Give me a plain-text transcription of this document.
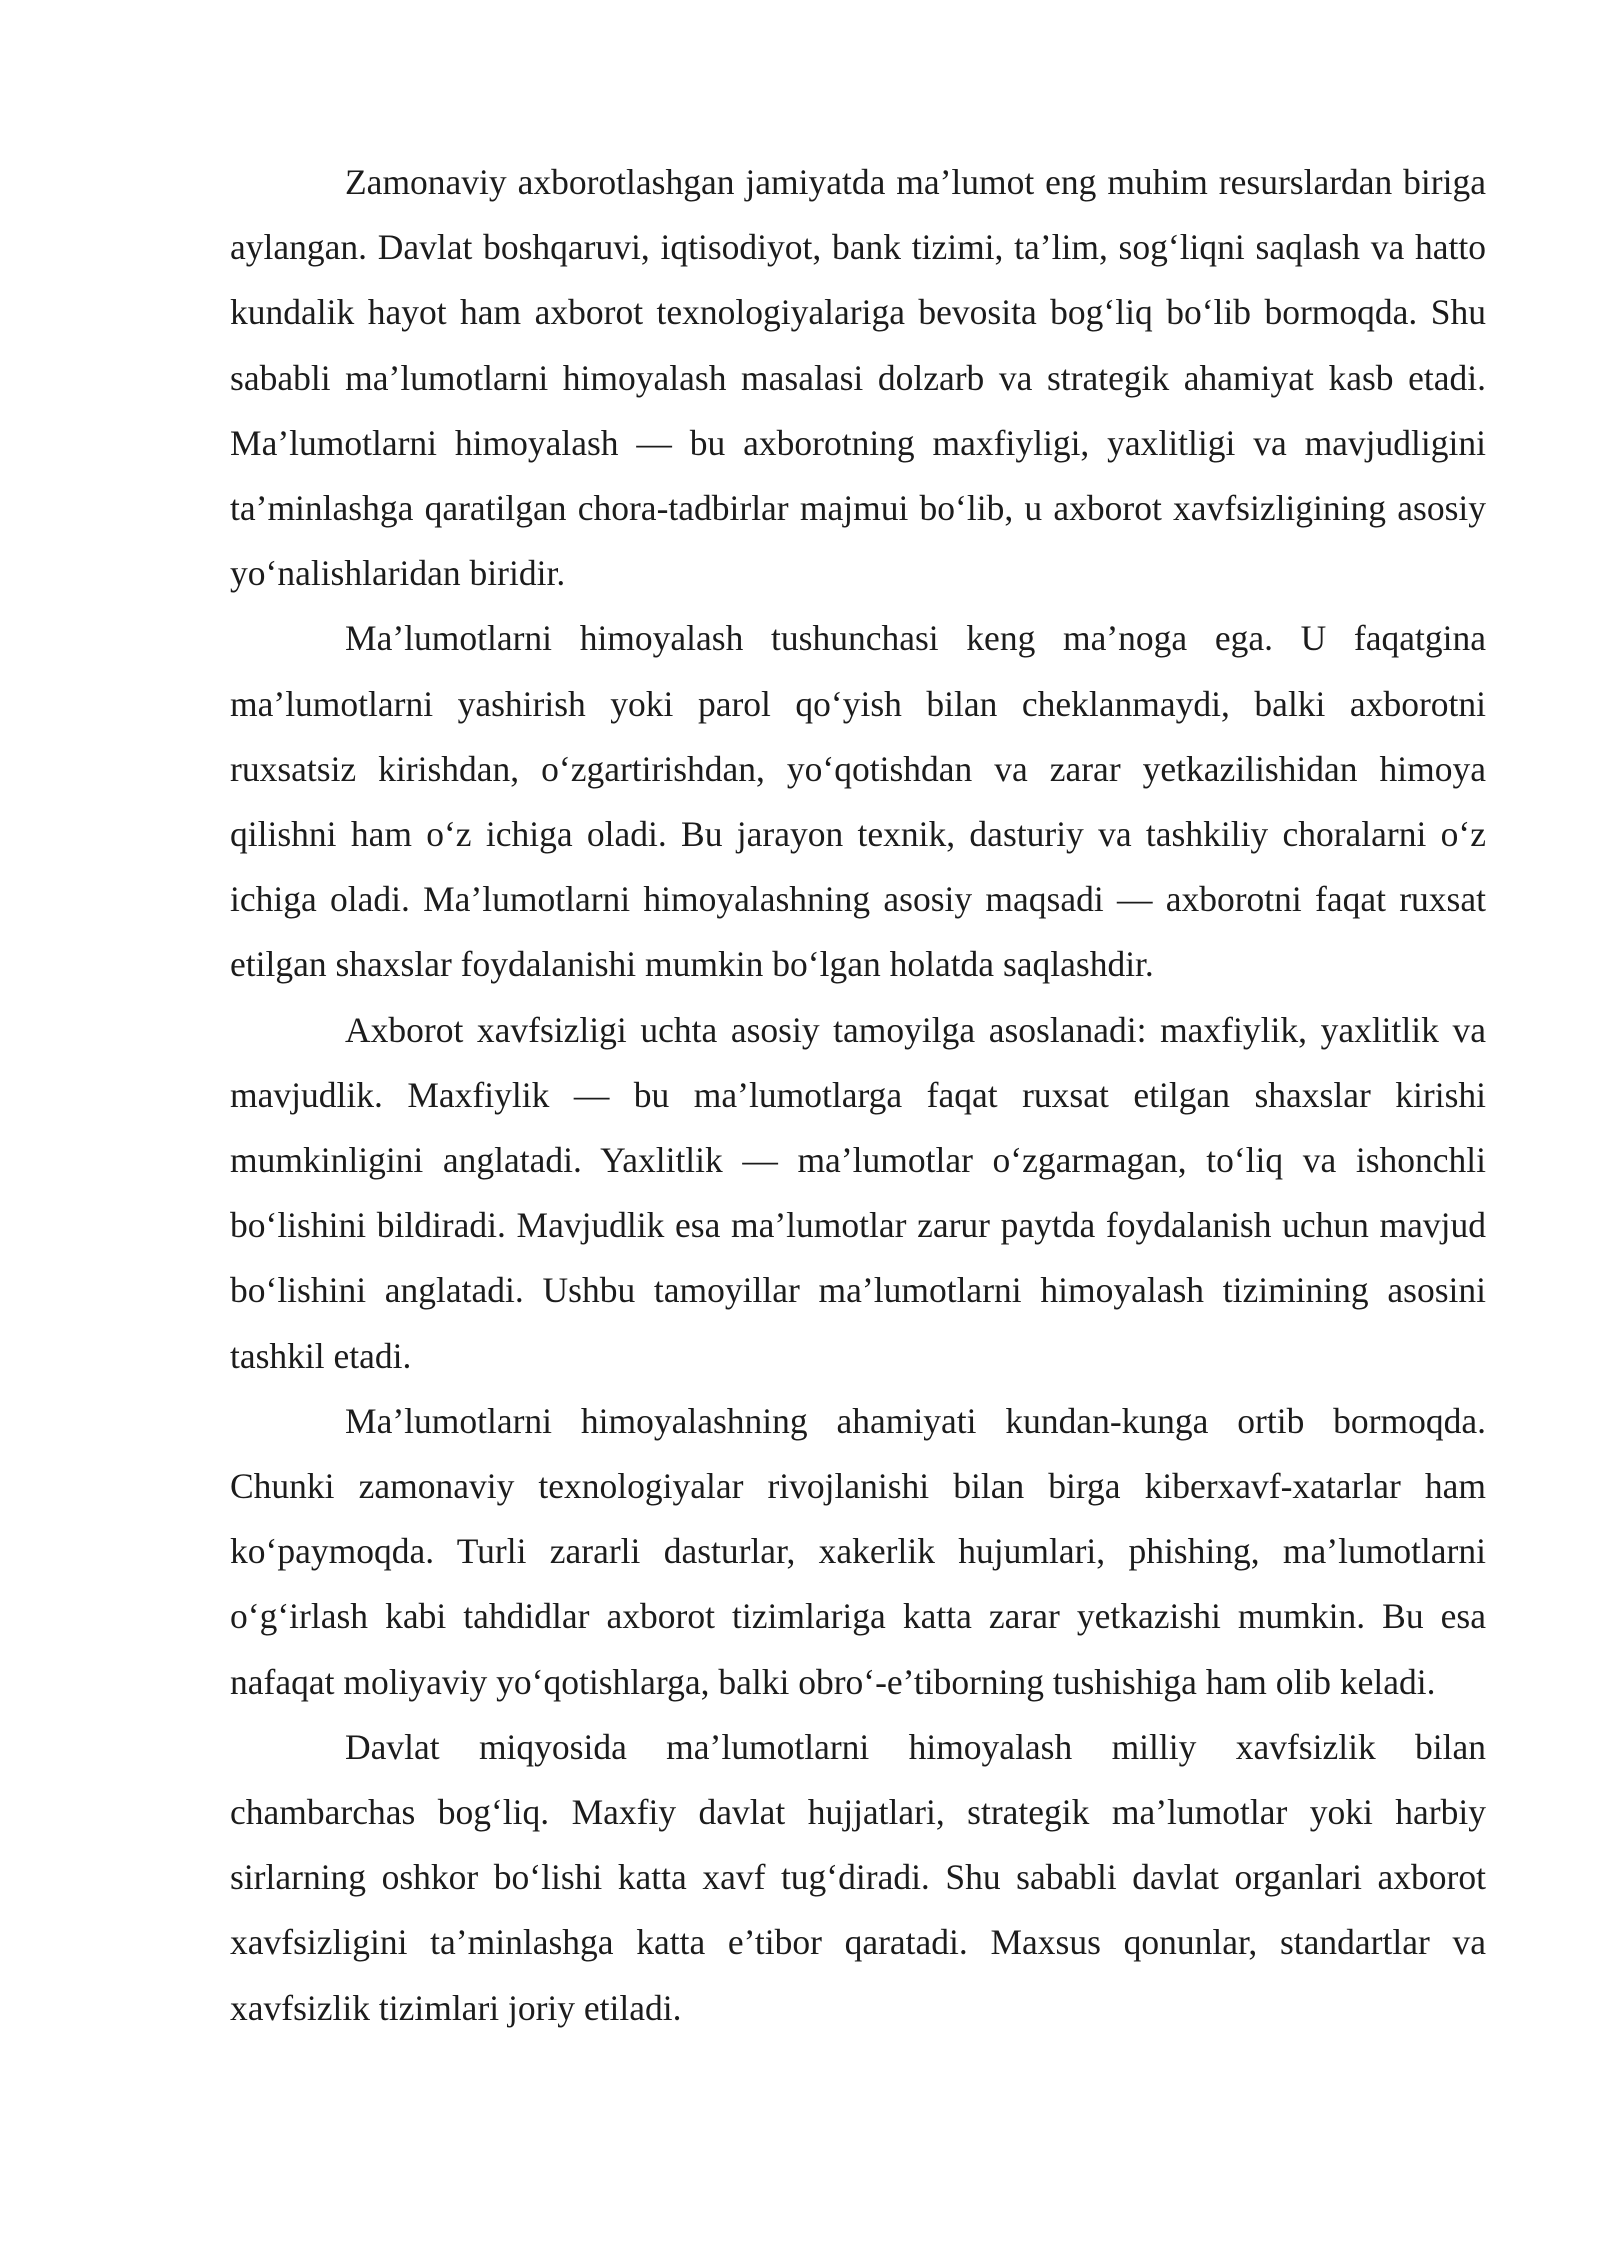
Zamonaviy axborotlashgan jamiyatda ma’lumot eng muhim resurslardan biriga aylangan. Davlat boshqaruvi, iqtisodiyot, bank tizimi, ta’lim, sog‘liqni saqlash va hatto kundalik hayot ham axborot texnologiyalariga bevosita bog‘liq bo‘lib bormoqda. Shu sababli ma’lumotlarni himoyalash masalasi dolzarb va strategik ahamiyat kasb etadi. Ma’lumotlarni himoyalash — bu axborotning maxfiyligi, yaxlitligi va mavjudligini ta’minlashga qaratilgan chora-tadbirlar majmui bo‘lib, u axborot xavfsizligining asosiy yo‘nalishlaridan biridir.

Ma’lumotlarni himoyalash tushunchasi keng ma’noga ega. U faqatgina ma’lumotlarni yashirish yoki parol qo‘yish bilan cheklanmaydi, balki axborotni ruxsatsiz kirishdan, o‘zgartirishdan, yo‘qotishdan va zarar yetkazilishidan himoya qilishni ham o‘z ichiga oladi. Bu jarayon texnik, dasturiy va tashkiliy choralarni o‘z ichiga oladi. Ma’lumotlarni himoyalashning asosiy maqsadi — axborotni faqat ruxsat etilgan shaxslar foydalanishi mumkin bo‘lgan holatda saqlashdir.

Axborot xavfsizligi uchta asosiy tamoyilga asoslanadi: maxfiylik, yaxlitlik va mavjudlik. Maxfiylik — bu ma’lumotlarga faqat ruxsat etilgan shaxslar kirishi mumkinligini anglatadi. Yaxlitlik — ma’lumotlar o‘zgarmagan, to‘liq va ishonchli bo‘lishini bildiradi. Mavjudlik esa ma’lumotlar zarur paytda foydalanish uchun mavjud bo‘lishini anglatadi. Ushbu tamoyillar ma’lumotlarni himoyalash tizimining asosini tashkil etadi.

Ma’lumotlarni himoyalashning ahamiyati kundan-kunga ortib bormoqda. Chunki zamonaviy texnologiyalar rivojlanishi bilan birga kiberxavf-xatarlar ham ko‘paymoqda. Turli zararli dasturlar, xakerlik hujumlari, phishing, ma’lumotlarni o‘g‘irlash kabi tahdidlar axborot tizimlariga katta zarar yetkazishi mumkin. Bu esa nafaqat moliyaviy yo‘qotishlarga, balki obro‘-e’tiborning tushishiga ham olib keladi.

Davlat miqyosida ma’lumotlarni himoyalash milliy xavfsizlik bilan chambarchas bog‘liq. Maxfiy davlat hujjatlari, strategik ma’lumotlar yoki harbiy sirlarning oshkor bo‘lishi katta xavf tug‘diradi. Shu sababli davlat organlari axborot xavfsizligini ta’minlashga katta e’tibor qaratadi. Maxsus qonunlar, standartlar va xavfsizlik tizimlari joriy etiladi.
